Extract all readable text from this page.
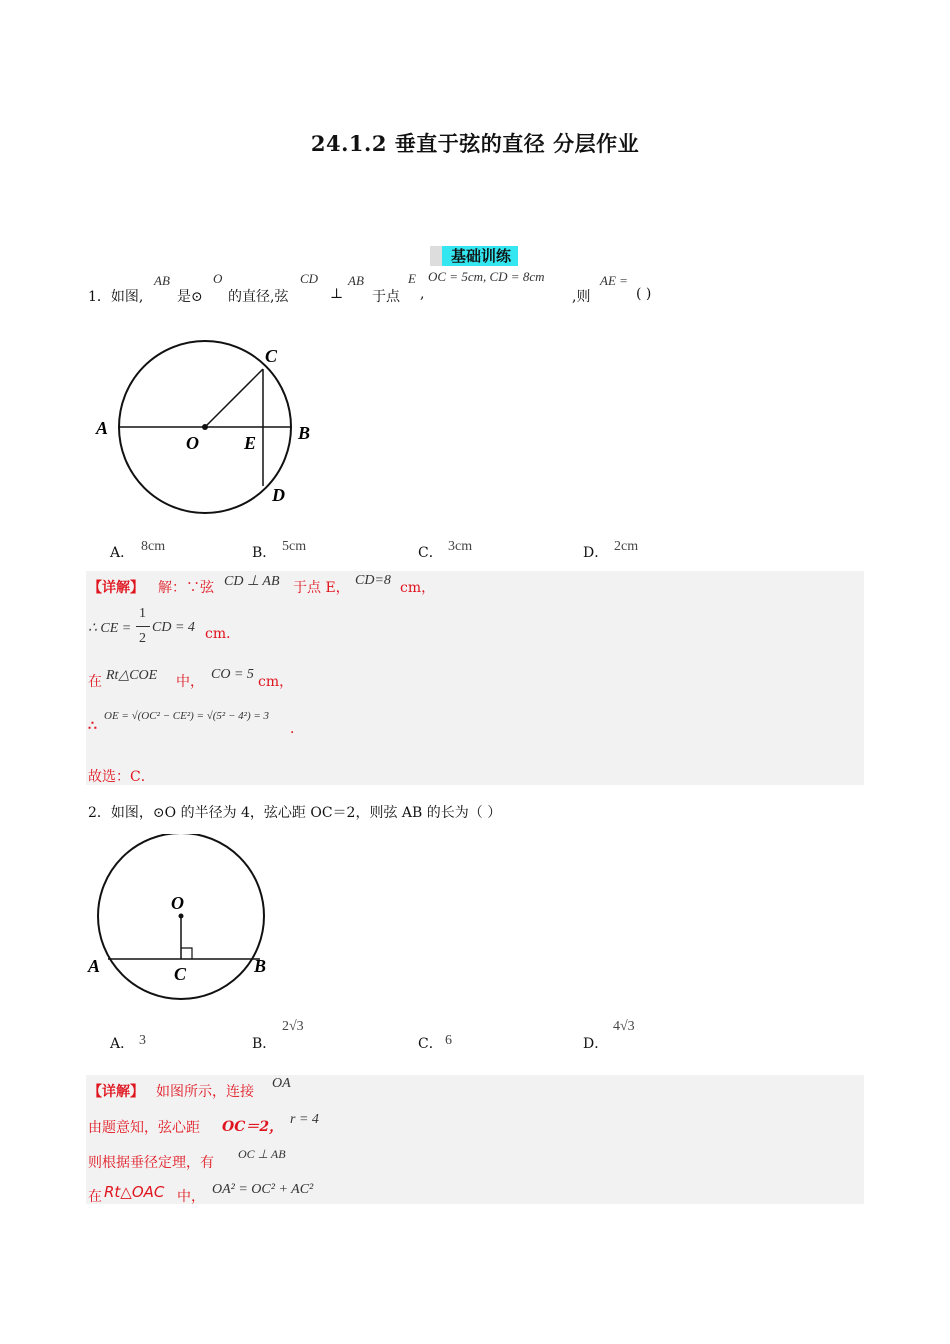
24.1.2 垂直于弦的直径 分层作业
基础训练
1．如图,
AB
是⊙
O
的直径,弦
CD
⊥
AB
于点
E
,
OC = 5cm, CD = 8cm
,则
AE =
( )
A	B
C
D
O	E
A． 8cm	B． 5cm	C． 3cm	D． 2cm
【详解】 解：∵弦 CD ⊥ AB 于点 E， CD=8 cm，
∴ CE =
1
2
CD = 4 cm．
在 Rt△COE 中， CO = 5 cm，
∴
OE = √(OC² − CE²) = √(5² − 4²) = 3
．
故选：C．
2．如图，⊙O 的半径为 4，弦心距 OC＝2，则弦 AB 的长为（ ）
O
A	B
C
A． 3	B．
2√3
C． 6	D．
4√3
【详解】 如图所示，连接
OA
由题意知，弦心距 OC＝2， r = 4
则根据垂径定理，有
OC ⊥ AB
在 Rt△OAC 中， OA² = OC² + AC²
